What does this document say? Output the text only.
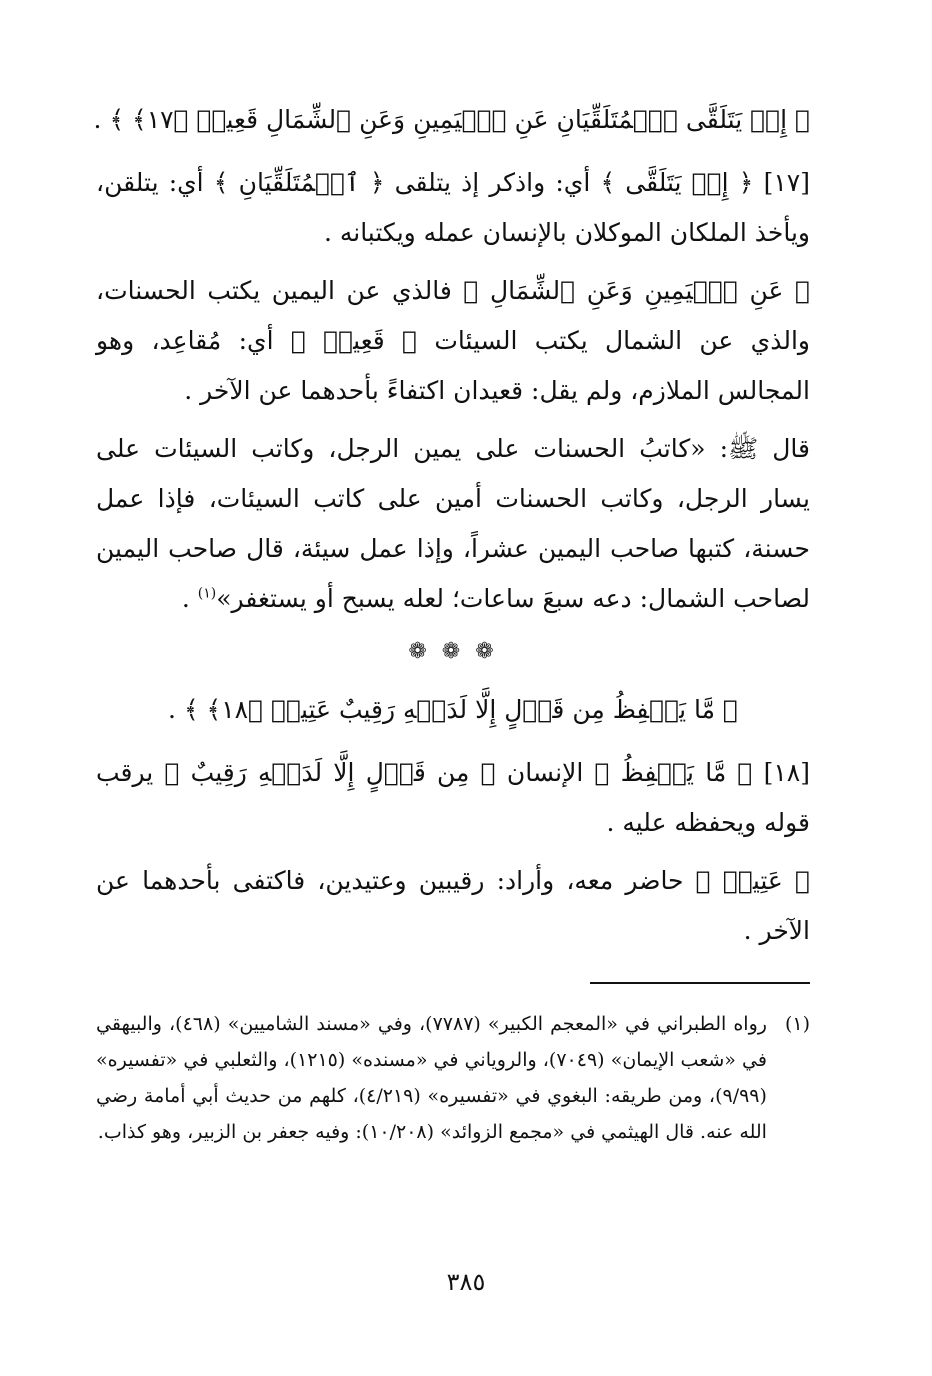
﴿ إِذۡ يَتَلَقَّى ٱلۡمُتَلَقِّيَانِ عَنِ ٱلۡيَمِينِ وَعَنِ ٱلشِّمَالِ قَعِيدٞ ﴿١٧﴾ ﴾ .

[١٧] ﴿ إِذۡ يَتَلَقَّى ﴾ أي: واذكر إذ يتلقى ﴿ ٱلۡمُتَلَقِّيَانِ ﴾ أي: يتلقن، ويأخذ الملكان الموكلان بالإنسان عمله ويكتبانه .

﴿ عَنِ ٱلۡيَمِينِ وَعَنِ ٱلشِّمَالِ ﴾ فالذي عن اليمين يكتب الحسنات، والذي عن الشمال يكتب السيئات ﴿ قَعِيدٞ ﴾ أي: مُقاعِد، وهو المجالس الملازم، ولم يقل: قعيدان اكتفاءً بأحدهما عن الآخر .

قال ﷺ: «كاتبُ الحسنات على يمين الرجل، وكاتب السيئات على يسار الرجل، وكاتب الحسنات أمين على كاتب السيئات، فإذا عمل حسنة، كتبها صاحب اليمين عشراً، وإذا عمل سيئة، قال صاحب اليمين لصاحب الشمال: دعه سبعَ ساعات؛ لعله يسبح أو يستغفر»$^{(١)}$ .

❁ ❁ ❁

﴿ مَّا يَلۡفِظُ مِن قَوۡلٍ إِلَّا لَدَيۡهِ رَقِيبٌ عَتِيدٞ ﴿١٨﴾ ﴾ .

[١٨] ﴿ مَّا يَلۡفِظُ ﴾ الإنسان ﴿ مِن قَوۡلٍ إِلَّا لَدَيۡهِ رَقِيبٌ ﴾ يرقب قوله ويحفظه عليه .

﴿ عَتِيدٞ ﴾ حاضر معه، وأراد: رقيبين وعتيدين، فاكتفى بأحدهما عن الآخر .

(١)
رواه الطبراني في «المعجم الكبير» (٧٧٨٧)، وفي «مسند الشاميين» (٤٦٨)، والبيهقي في «شعب الإيمان» (٧٠٤٩)، والروياني في «مسنده» (١٢١٥)، والثعلبي في «تفسيره» (٩/٩٩)، ومن طريقه: البغوي في «تفسيره» (٤/٢١٩)، كلهم من حديث أبي أمامة رضي الله عنه. قال الهيثمي في «مجمع الزوائد» (١٠/٢٠٨): وفيه جعفر بن الزبير، وهو كذاب.
٣٨٥
